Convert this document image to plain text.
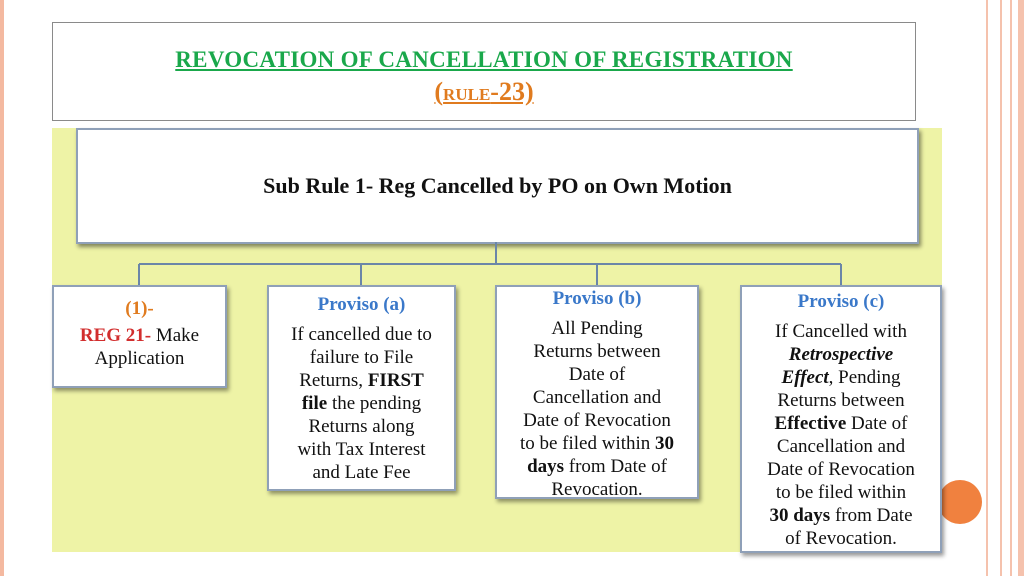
REVOCATION OF CANCELLATION OF REGISTRATION
(RULE-23)
Sub Rule 1- Reg Cancelled by PO on Own Motion
(1)-
REG 21- Make
Application
Proviso (a)
If cancelled due to
failure to File
Returns, FIRST
file the pending
Returns along
with Tax Interest
and Late Fee
Proviso (b)
All Pending
Returns between
Date of
Cancellation and
Date of Revocation
to be filed within 30
days from Date of
Revocation.
Proviso (c)
If Cancelled with
Retrospective
Effect, Pending
Returns between
Effective Date of
Cancellation and
Date of Revocation
to be filed within
30 days from Date
of Revocation.
